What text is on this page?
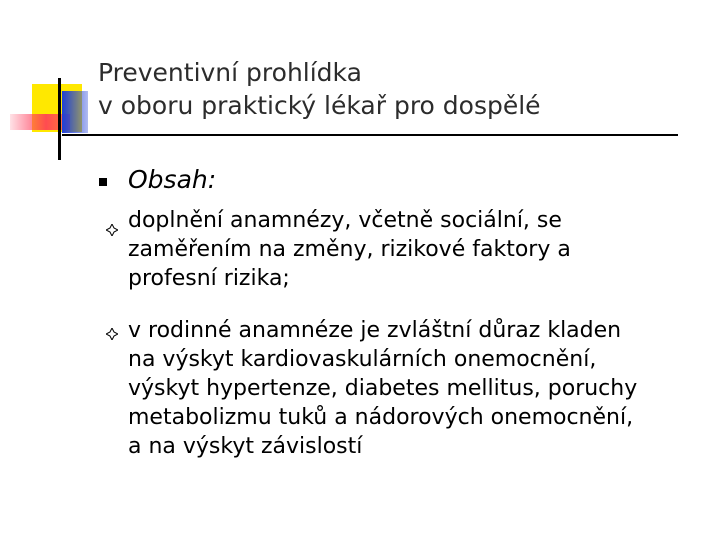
Preventivní prohlídka
v oboru praktický lékař pro dospělé
Obsah:
doplnění anamnézy, včetně sociální, se
zaměřením na změny, rizikové faktory a
profesní rizika;
v rodinné anamnéze je zvláštní důraz kladen
na výskyt kardiovaskulárních onemocnění,
výskyt hypertenze, diabetes mellitus, poruchy
metabolizmu tuků a nádorových onemocnění,
a na výskyt závislostí
